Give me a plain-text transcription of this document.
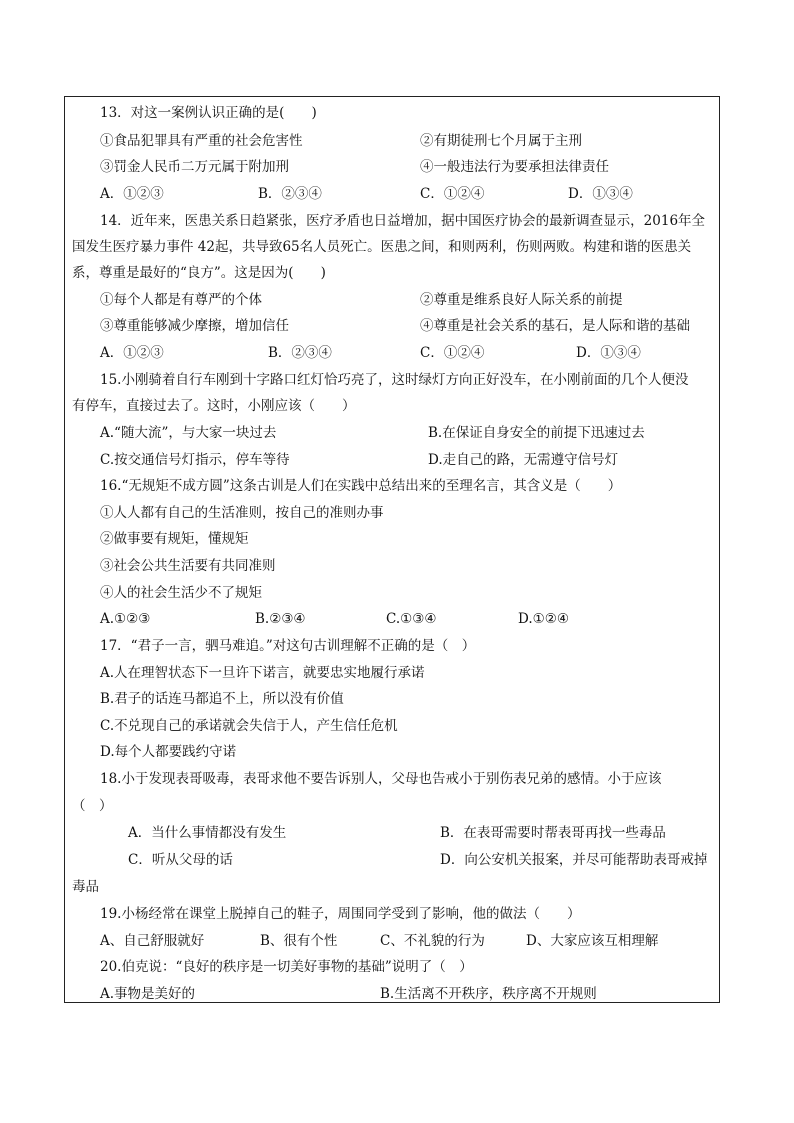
13．对这一案例认识正确的是(　　)
①食品犯罪具有严重的社会危害性	②有期徒刑七个月属于主刑
③罚金人民币二万元属于附加刑	④一般违法行为要承担法律责任
A．①②③	B．②③④	C．①②④	D．①③④
14．近年来，医患关系日趋紧张，医疗矛盾也日益增加，据中国医疗协会的最新调查显示，2016年全
国发生医疗暴力事件 42起，共导致65名人员死亡。医患之间，和则两利，伤则两败。构建和谐的医患关
系，尊重是最好的“良方”。这是因为(　　)
①每个人都是有尊严的个体	②尊重是维系良好人际关系的前提
③尊重能够减少摩擦，增加信任	④尊重是社会关系的基石，是人际和谐的基础
A．①②③	B．②③④	C．①②④	D．①③④
15.小刚骑着自行车刚到十字路口红灯恰巧亮了，这时绿灯方向正好没车，在小刚前面的几个人便没
有停车，直接过去了。这时，小刚应该（　　）
A.“随大流”，与大家一块过去	B.在保证自身安全的前提下迅速过去
C.按交通信号灯指示，停车等待	D.走自己的路，无需遵守信号灯
16.“无规矩不成方圆”这条古训是人们在实践中总结出来的至理名言，其含义是（　　）
①人人都有自己的生活准则，按自己的准则办事
②做事要有规矩，懂规矩
③社会公共生活要有共同准则
④人的社会生活少不了规矩
A.①②③	B.②③④	C.①③④	D.①②④
17．“君子一言，驷马难追。”对这句古训理解不正确的是（　）
A.人在理智状态下一旦许下诺言，就要忠实地履行承诺
B.君子的话连马都追不上，所以没有价值
C.不兑现自己的承诺就会失信于人，产生信任危机
D.每个人都要践约守诺
18.小于发现表哥吸毒，表哥求他不要告诉别人，父母也告戒小于别伤表兄弟的感情。小于应该
（　）
A．当什么事情都没有发生	B．在表哥需要时帮表哥再找一些毒品
C．听从父母的话	D．向公安机关报案，并尽可能帮助表哥戒掉
毒品
19.小杨经常在课堂上脱掉自己的鞋子，周围同学受到了影响，他的做法（　　）
A、自己舒服就好	B、很有个性	C、不礼貌的行为	D、大家应该互相理解
20.伯克说：“良好的秩序是一切美好事物的基础”说明了（　）
A.事物是美好的	B.生活离不开秩序，秩序离不开规则
